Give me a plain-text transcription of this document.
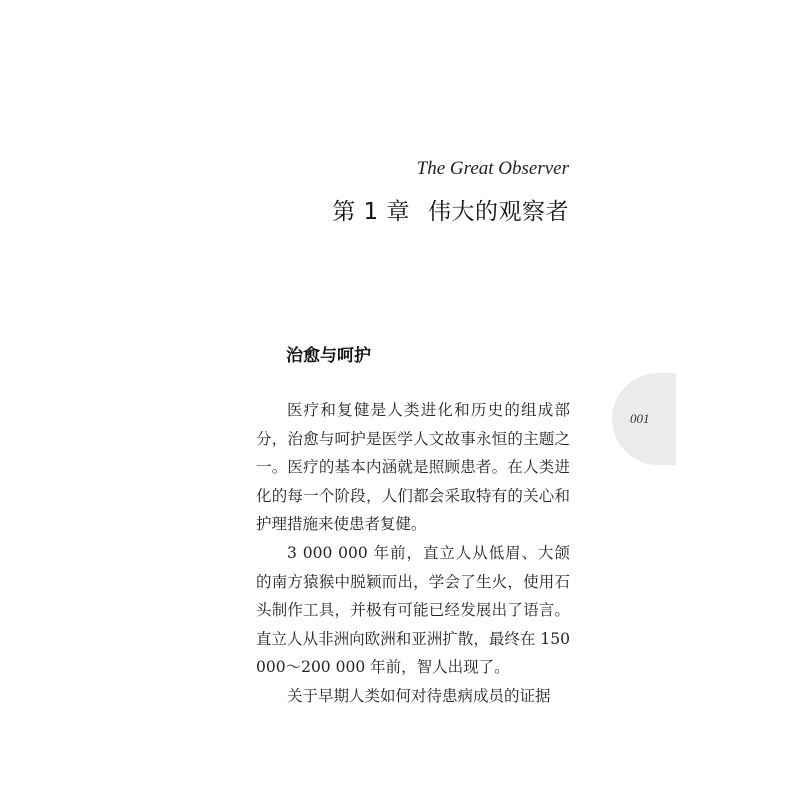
The Great Observer
第 1 章 伟大的观察者
治愈与呵护

医疗和复健是人类进化和历史的组成部分，治愈与呵护是医学人文故事永恒的主题之一。医疗的基本内涵就是照顾患者。在人类进化的每一个阶段，人们都会采取特有的关心和护理措施来使患者复健。

3 000 000 年前，直立人从低眉、大颌的南方猿猴中脱颖而出，学会了生火，使用石头制作工具，并极有可能已经发展出了语言。直立人从非洲向欧洲和亚洲扩散，最终在 150 000～200 000 年前，智人出现了。

关于早期人类如何对待患病成员的证据

001
